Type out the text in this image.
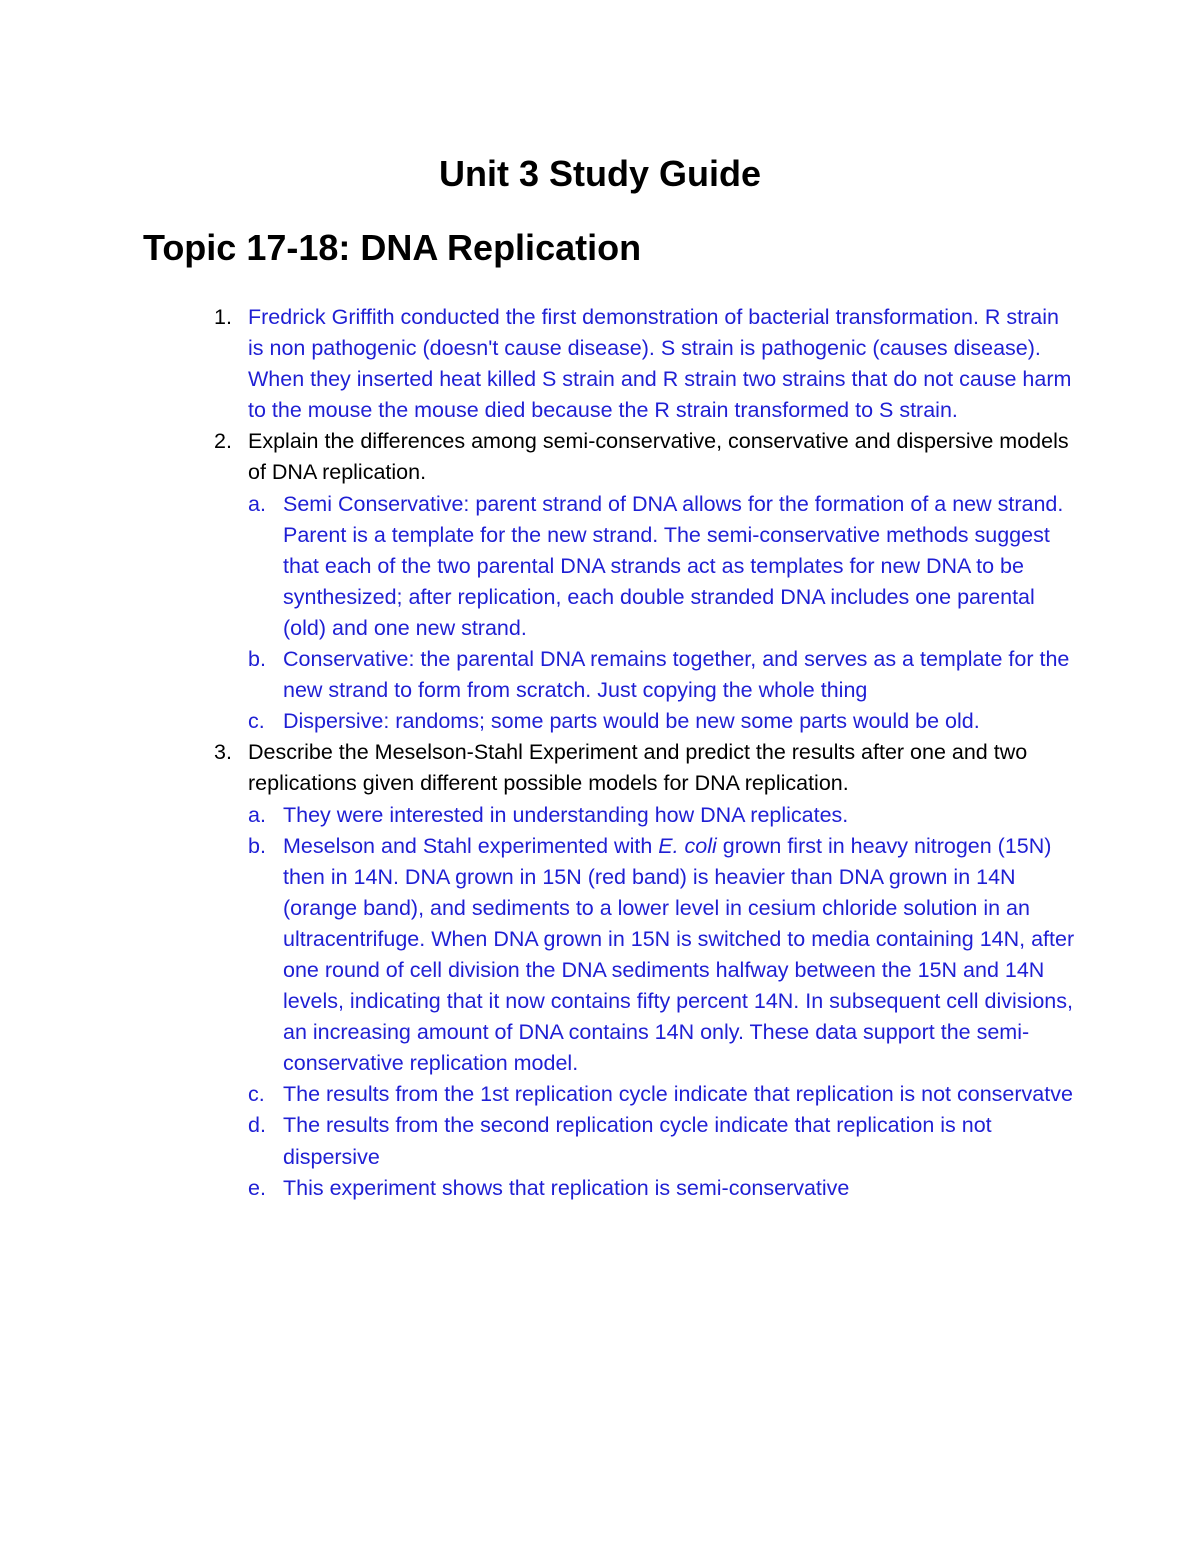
Unit 3 Study Guide
Topic 17-18: DNA Replication
1. Fredrick Griffith conducted the first demonstration of bacterial transformation. R strain is non pathogenic (doesn't cause disease). S strain is pathogenic (causes disease). When they inserted heat killed S strain and R strain two strains that do not cause harm to the mouse the mouse died because the R strain transformed to S strain.
2. Explain the differences among semi-conservative, conservative and dispersive models of DNA replication.
a. Semi Conservative: parent strand of DNA allows for the formation of a new strand. Parent is a template for the new strand. The semi-conservative methods suggest that each of the two parental DNA strands act as templates for new DNA to be synthesized; after replication, each double stranded DNA includes one parental (old) and one new strand.
b. Conservative: the parental DNA remains together, and serves as a template for the new strand to form from scratch. Just copying the whole thing
c. Dispersive: randoms; some parts would be new some parts would be old.
3. Describe the Meselson-Stahl Experiment and predict the results after one and two replications given different possible models for DNA replication.
a. They were interested in understanding how DNA replicates.
b. Meselson and Stahl experimented with E. coli grown first in heavy nitrogen (15N) then in 14N. DNA grown in 15N (red band) is heavier than DNA grown in 14N (orange band), and sediments to a lower level in cesium chloride solution in an ultracentrifuge. When DNA grown in 15N is switched to media containing 14N, after one round of cell division the DNA sediments halfway between the 15N and 14N levels, indicating that it now contains fifty percent 14N. In subsequent cell divisions, an increasing amount of DNA contains 14N only. These data support the semi-conservative replication model.
c. The results from the 1st replication cycle indicate that replication is not conservatve
d. The results from the second replication cycle indicate that replication is not dispersive
e. This experiment shows that replication is semi-conservative
